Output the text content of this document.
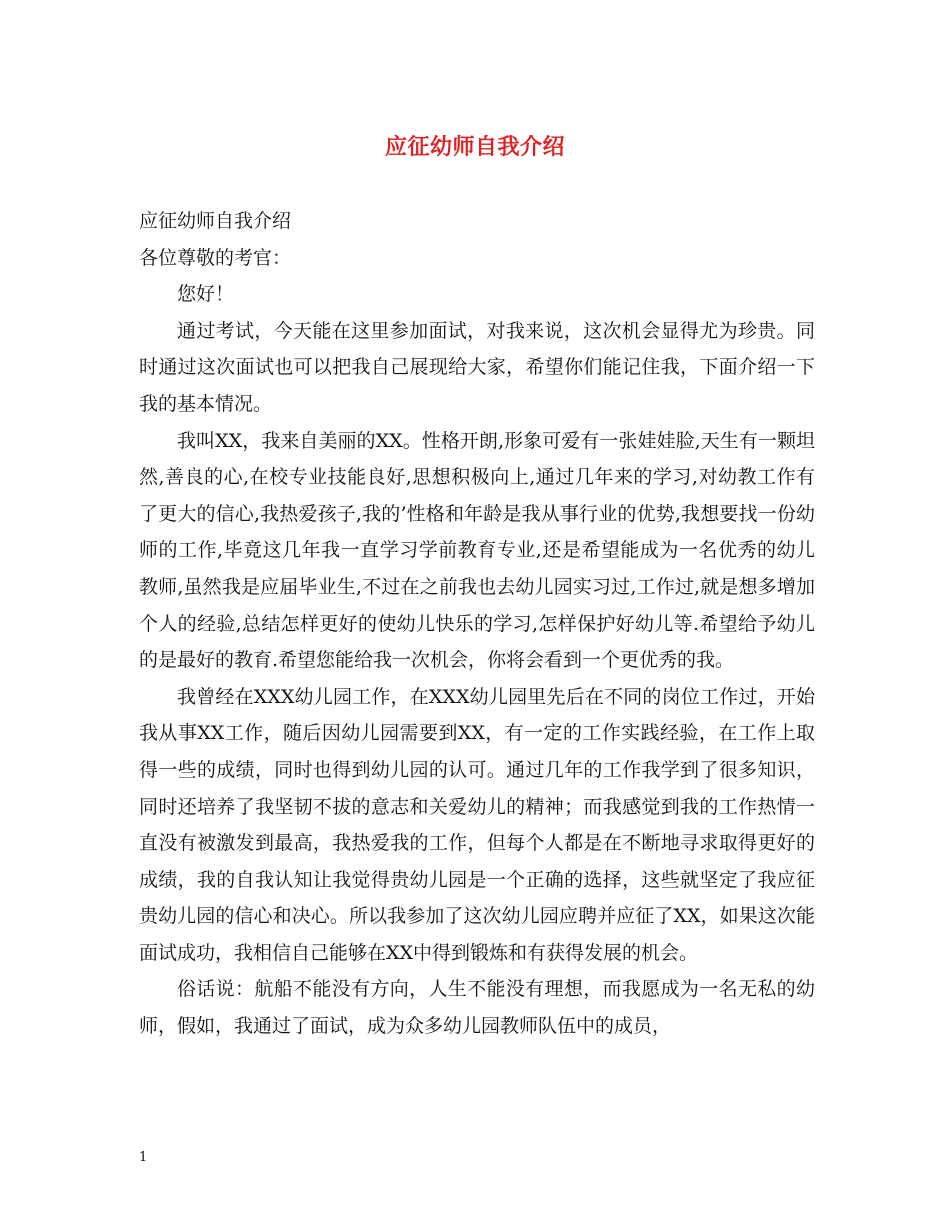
应征幼师自我介绍

应征幼师自我介绍

各位尊敬的考官：

您好！

通过考试，今天能在这里参加面试，对我来说，这次机会显得尤为珍贵。同时通过这次面试也可以把我自己展现给大家，希望你们能记住我，下面介绍一下我的基本情况。

我叫XX，我来自美丽的XX。性格开朗,形象可爱有一张娃娃脸,天生有一颗坦然,善良的心,在校专业技能良好,思想积极向上,通过几年来的学习,对幼教工作有了更大的信心,我热爱孩子,我的’性格和年龄是我从事行业的优势,我想要找一份幼师的工作,毕竟这几年我一直学习学前教育专业,还是希望能成为一名优秀的幼儿教师,虽然我是应届毕业生,不过在之前我也去幼儿园实习过,工作过,就是想多增加个人的经验,总结怎样更好的使幼儿快乐的学习,怎样保护好幼儿等.希望给予幼儿的是最好的教育.希望您能给我一次机会，你将会看到一个更优秀的我。

我曾经在XXX幼儿园工作，在XXX幼儿园里先后在不同的岗位工作过，开始我从事XX工作，随后因幼儿园需要到XX，有一定的工作实践经验，在工作上取得一些的成绩，同时也得到幼儿园的认可。通过几年的工作我学到了很多知识，同时还培养了我坚韧不拔的意志和关爱幼儿的精神；而我感觉到我的工作热情一直没有被激发到最高，我热爱我的工作，但每个人都是在不断地寻求取得更好的成绩，我的自我认知让我觉得贵幼儿园是一个正确的选择，这些就坚定了我应征贵幼儿园的信心和决心。所以我参加了这次幼儿园应聘并应征了XX，如果这次能面试成功，我相信自己能够在XX中得到锻炼和有获得发展的机会。

俗话说：航船不能没有方向，人生不能没有理想，而我愿成为一名无私的幼师，假如，我通过了面试，成为众多幼儿园教师队伍中的成员，

1
